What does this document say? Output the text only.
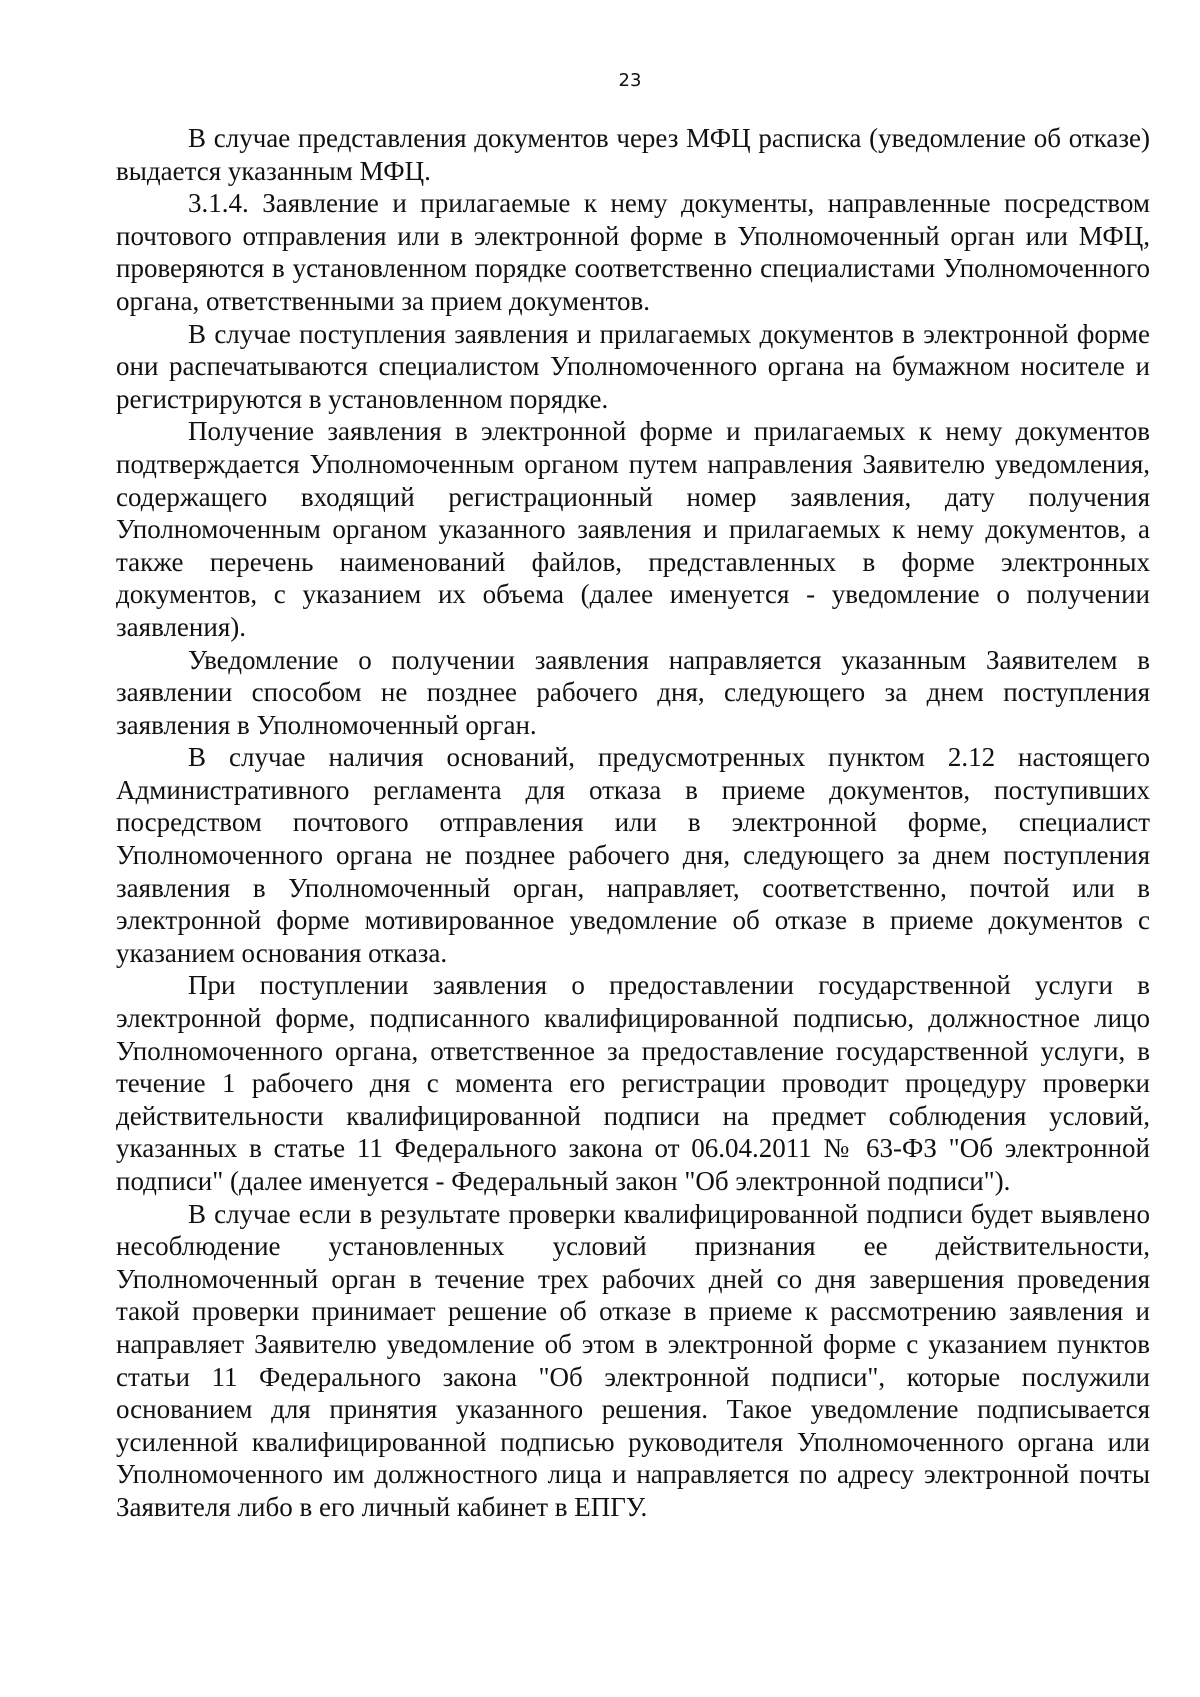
23

В случае представления документов через МФЦ расписка (уведомление об отказе) выдается указанным МФЦ.

3.1.4. Заявление и прилагаемые к нему документы, направленные посредством почтового отправления или в электронной форме в Уполномоченный орган или МФЦ, проверяются в установленном порядке соответственно специалистами Уполномоченного органа, ответственными за прием документов.

В случае поступления заявления и прилагаемых документов в электронной форме они распечатываются специалистом Уполномоченного органа на бумажном носителе и регистрируются в установленном порядке.

Получение заявления в электронной форме и прилагаемых к нему документов подтверждается Уполномоченным органом путем направления Заявителю уведомления, содержащего входящий регистрационный номер заявления, дату получения Уполномоченным органом указанного заявления и прилагаемых к нему документов, а также перечень наименований файлов, представленных в форме электронных документов, с указанием их объема (далее именуется - уведомление о получении заявления).

Уведомление о получении заявления направляется указанным Заявителем в заявлении способом не позднее рабочего дня, следующего за днем поступления заявления в Уполномоченный орган.

В случае наличия оснований, предусмотренных пунктом 2.12 настоящего Административного регламента для отказа в приеме документов, поступивших посредством почтового отправления или в электронной форме, специалист Уполномоченного органа не позднее рабочего дня, следующего за днем поступления заявления в Уполномоченный орган, направляет, соответственно, почтой или в электронной форме мотивированное уведомление об отказе в приеме документов с указанием основания отказа.

При поступлении заявления о предоставлении государственной услуги в электронной форме, подписанного квалифицированной подписью, должностное лицо Уполномоченного органа, ответственное за предоставление государственной услуги, в течение 1 рабочего дня с момента его регистрации проводит процедуру проверки действительности квалифицированной подписи на предмет соблюдения условий, указанных в статье 11 Федерального закона от 06.04.2011 № 63-ФЗ "Об электронной подписи" (далее именуется - Федеральный закон "Об электронной подписи").

В случае если в результате проверки квалифицированной подписи будет выявлено несоблюдение установленных условий признания ее действительности, Уполномоченный орган в течение трех рабочих дней со дня завершения проведения такой проверки принимает решение об отказе в приеме к рассмотрению заявления и направляет Заявителю уведомление об этом в электронной форме с указанием пунктов статьи 11 Федерального закона "Об электронной подписи", которые послужили основанием для принятия указанного решения. Такое уведомление подписывается усиленной квалифицированной подписью руководителя Уполномоченного органа или Уполномоченного им должностного лица и направляется по адресу электронной почты Заявителя либо в его личный кабинет в ЕПГУ.
